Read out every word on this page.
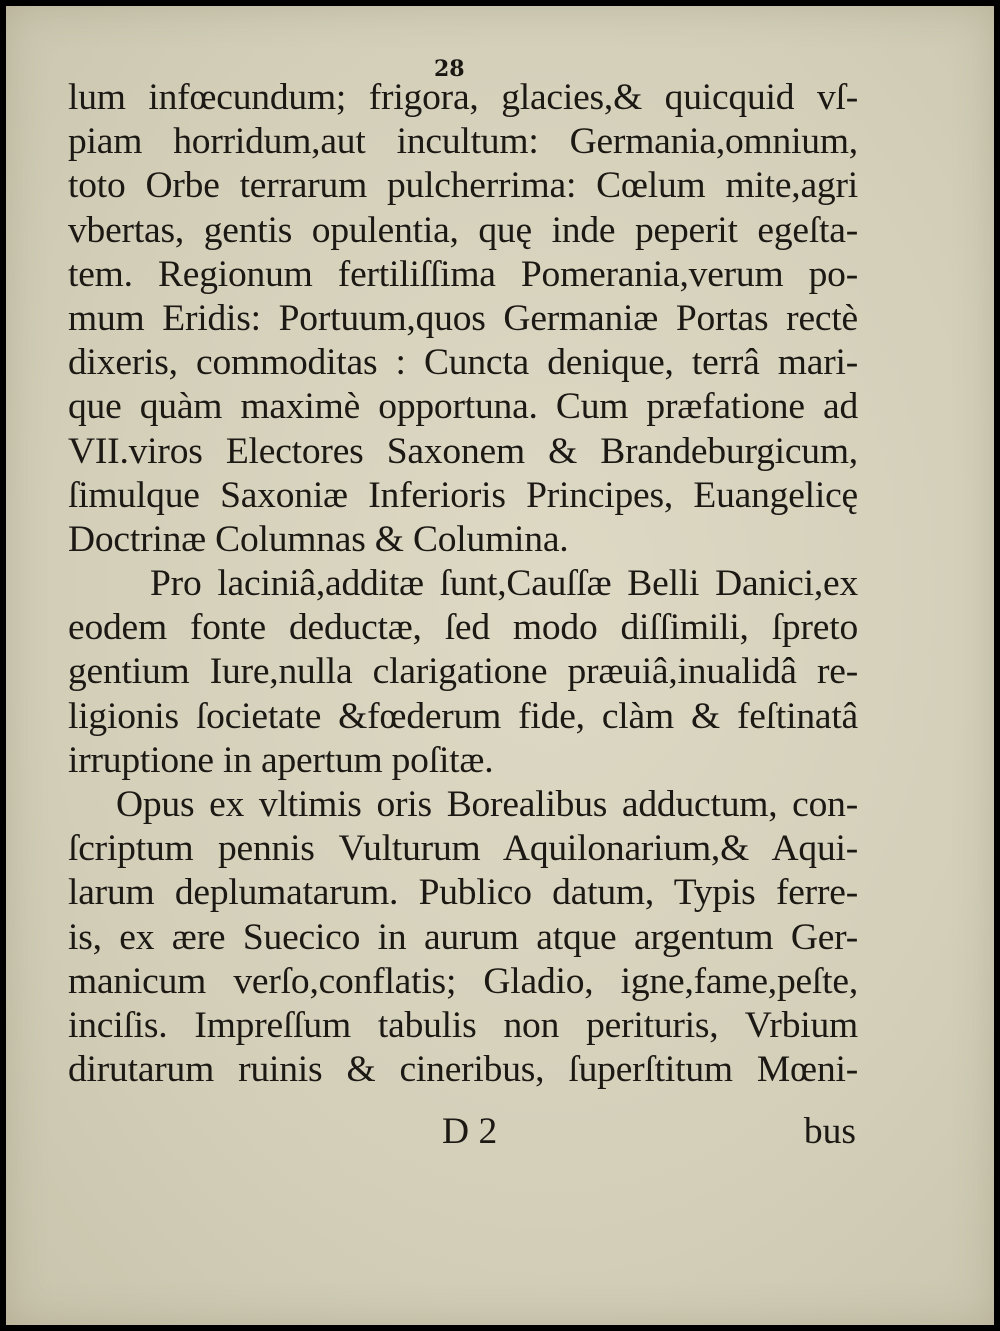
28
lum infœcundum; frigora, glacies,& quicquid vſ-
piam horridum,aut incultum: Germania,omnium,
toto Orbe terrarum pulcherrima: Cœlum mite,agri
vbertas, gentis opulentia, quę inde peperit egeſta-
tem. Regionum fertiliſſima Pomerania,verum po-
mum Eridis: Portuum,quos Germaniæ Portas rectè
dixeris, commoditas : Cuncta denique, terrâ mari-
que quàm maximè opportuna. Cum præfatione ad
VII.viros Electores Saxonem & Brandeburgicum,
ſimulque Saxoniæ Inferioris Principes, Euangelicę
Doctrinæ Columnas & Columina.
Pro laciniâ,additæ ſunt,Cauſſæ Belli Danici,ex
eodem fonte deductæ, ſed modo diſſimili, ſpreto
gentium Iure,nulla clarigatione præuiâ,inualidâ re-
ligionis ſocietate &fœderum fide, clàm & feſtinatâ
irruptione in apertum poſitæ.
Opus ex vltimis oris Borealibus adductum, con-
ſcriptum pennis Vulturum Aquilonarium,& Aqui-
larum deplumatarum. Publico datum, Typis ferre-
is, ex ære Suecico in aurum atque argentum Ger-
manicum verſo,conflatis; Gladio, igne,fame,peſte,
inciſis. Impreſſum tabulis non perituris, Vrbium
dirutarum ruinis & cineribus, ſuperſtitum Mœni-
D 2	bus
